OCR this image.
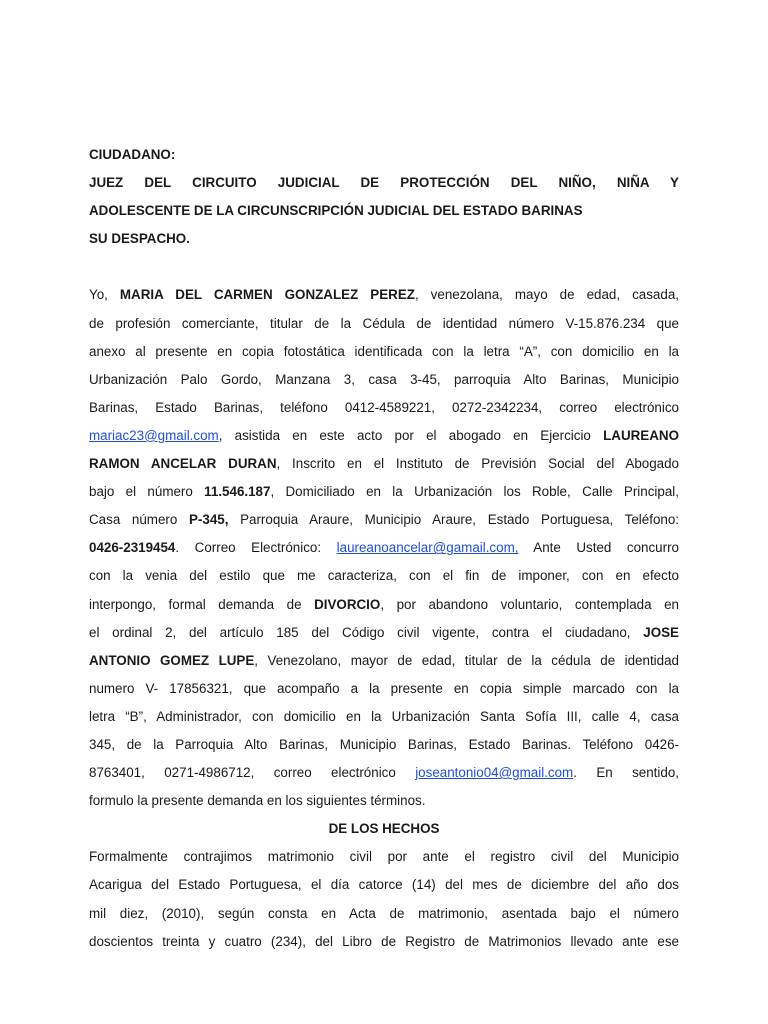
CIUDADANO:
JUEZ DEL CIRCUITO JUDICIAL DE PROTECCIÓN DEL NIÑO, NIÑA Y
ADOLESCENTE DE LA CIRCUNSCRIPCIÓN JUDICIAL DEL ESTADO BARINAS
SU DESPACHO.
Yo, MARIA DEL CARMEN GONZALEZ PEREZ, venezolana, mayo de edad, casada,
de profesión comerciante, titular de la Cédula de identidad número V-15.876.234 que
anexo al presente en copia fotostática identificada con la letra “A”, con domicilio en la
Urbanización Palo Gordo, Manzana 3, casa 3-45, parroquia Alto Barinas, Municipio
Barinas, Estado Barinas, teléfono 0412-4589221, 0272-2342234, correo electrónico
mariac23@gmail.com, asistida en este acto por el abogado en Ejercicio LAUREANO
RAMON ANCELAR DURAN, Inscrito en el Instituto de Previsión Social del Abogado
bajo el número 11.546.187, Domiciliado en la Urbanización los Roble, Calle Principal,
Casa número P-345, Parroquia Araure, Municipio Araure, Estado Portuguesa, Teléfono:
0426-2319454. Correo Electrónico: laureanoancelar@gamail.com, Ante Usted concurro
con la venia del estilo que me caracteriza, con el fin de imponer, con en efecto
interpongo, formal demanda de DIVORCIO, por abandono voluntario, contemplada en
el ordinal 2, del artículo 185 del Código civil vigente, contra el ciudadano, JOSE
ANTONIO GOMEZ LUPE, Venezolano, mayor de edad, titular de la cédula de identidad
numero V- 17856321, que acompaño a la presente en copia simple marcado con la
letra “B”, Administrador, con domicilio en la Urbanización Santa Sofía III, calle 4, casa
345, de la Parroquia Alto Barinas, Municipio Barinas, Estado Barinas. Teléfono 0426-
8763401, 0271-4986712, correo electrónico joseantonio04@gmail.com. En sentido,
formulo la presente demanda en los siguientes términos.
DE LOS HECHOS
Formalmente contrajimos matrimonio civil por ante el registro civil del Municipio
Acarigua del Estado Portuguesa, el día catorce (14) del mes de diciembre del año dos
mil diez, (2010), según consta en Acta de matrimonio, asentada bajo el número
doscientos treinta y cuatro (234), del Libro de Registro de Matrimonios llevado ante ese
